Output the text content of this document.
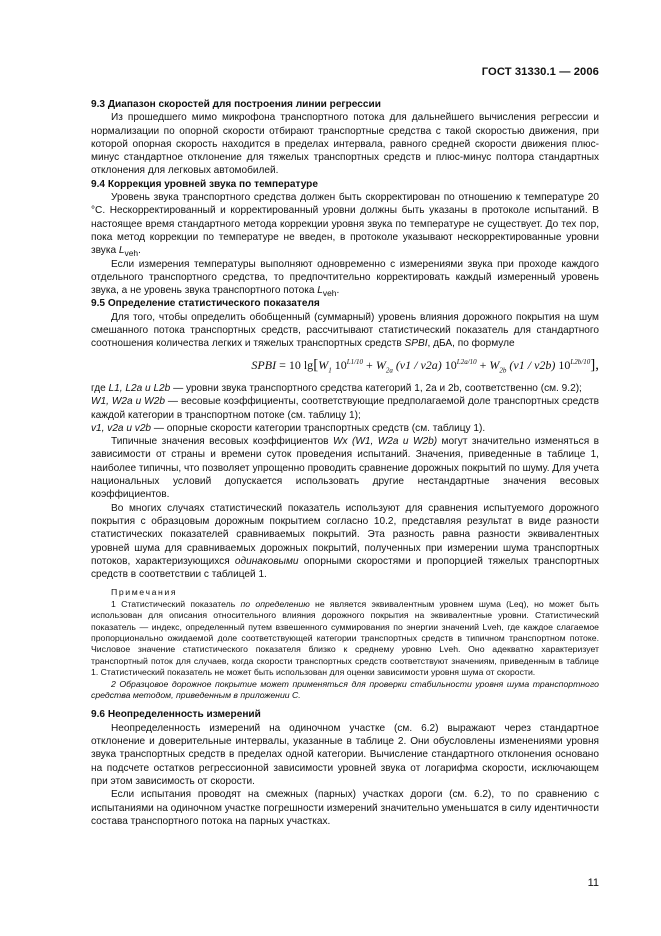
ГОСТ 31330.1 — 2006

9.3 Диапазон скоростей для построения линии регрессии

Из прошедшего мимо микрофона транспортного потока для дальнейшего вычисления регрессии и нормализации по опорной скорости отбирают транспортные средства с такой скоростью движения, при которой опорная скорость находится в пределах интервала, равного средней скорости движения плюс-минус стандартное отклонение для тяжелых транспортных средств и плюс-минус полтора стандартных отклонения для легковых автомобилей.

9.4 Коррекция уровней звука по температуре

Уровень звука транспортного средства должен быть скорректирован по отношению к температуре 20 °С. Нескорректированный и корректированный уровни должны быть указаны в протоколе испытаний. В настоящее время стандартного метода коррекции уровня звука по температуре не существует. До тех пор, пока метод коррекции по температуре не введен, в протоколе указывают нескорректированные уровни звука $L_{veh}$.

Если измерения температуры выполняют одновременно с измерениями звука при проходе каждого отдельного транспортного средства, то предпочтительно корректировать каждый измеренный уровень звука, а не уровень звука транспортного потока $L_{veh}$.

9.5 Определение статистического показателя

Для того, чтобы определить обобщенный (суммарный) уровень влияния дорожного покрытия на шум смешанного потока транспортных средств, рассчитывают статистический показатель для стандартного соотношения количества легких и тяжелых транспортных средств SPBI, дБА, по формуле

SPBI = 10 $\lg[W_1$ $10^{L1/10} + W_{2a}$ (v1 / v2a) $10^{L2a/10} + W_{2b}$ (v1 / v2b) $10^{L2b/10}$],

где L1, L2a и L2b — уровни звука транспортного средства категорий 1, 2a и 2b, соответственно (см. 9.2);

W1, W2a и W2b — весовые коэффициенты, соответствующие предполагаемой доле транспортных средств каждой категории в транспортном потоке (см. таблицу 1);

v1, v2a и v2b — опорные скорости категории транспортных средств (см. таблицу 1).

Типичные значения весовых коэффициентов Wx (W1, W2a и W2b) могут значительно изменяться в зависимости от страны и времени суток проведения испытаний. Значения, приведенные в таблице 1, наиболее типичны, что позволяет упрощенно проводить сравнение дорожных покрытий по шуму. Для учета национальных условий допускается использовать другие нестандартные значения весовых коэффициентов.

Во многих случаях статистический показатель используют для сравнения испытуемого дорожного покрытия с образцовым дорожным покрытием согласно 10.2, представляя результат в виде разности статистических показателей сравниваемых покрытий. Эта разность равна разности эквивалентных уровней шума для сравниваемых дорожных покрытий, полученных при измерении шума транспортных потоков, характеризующихся одинаковыми опорными скоростями и пропорцией тяжелых транспортных средств в соответствии с таблицей 1.

Примечания

1 Статистический показатель по определению не является эквивалентным уровнем шума (Leq), но может быть использован для описания относительного влияния дорожного покрытия на эквивалентные уровни. Статистический показатель — индекс, определенный путем взвешенного суммирования по энергии значений Lveh, где каждое слагаемое пропорционально ожидаемой доле соответствующей категории транспортных средств в типичном транспортном потоке. Числовое значение статистического показателя близко к среднему уровню Lveh. Оно адекватно характеризует транспортный поток для случаев, когда скорости транспортных средств соответствуют значениям, приведенным в таблице 1. Статистический показатель не может быть использован для оценки зависимости уровня шума от скорости.

2 Образцовое дорожное покрытие может применяться для проверки стабильности уровня шума транспортного средства методом, приведенным в приложении С.

9.6 Неопределенность измерений

Неопределенность измерений на одиночном участке (см. 6.2) выражают через стандартное отклонение и доверительные интервалы, указанные в таблице 2. Они обусловлены изменениями уровня звука транспортных средств в пределах одной категории. Вычисление стандартного отклонения основано на подсчете остатков регрессионной зависимости уровней звука от логарифма скорости, исключающем при этом зависимость от скорости.

Если испытания проводят на смежных (парных) участках дороги (см. 6.2), то по сравнению с испытаниями на одиночном участке погрешности измерений значительно уменьшатся в силу идентичности состава транспортного потока на парных участках.

11
